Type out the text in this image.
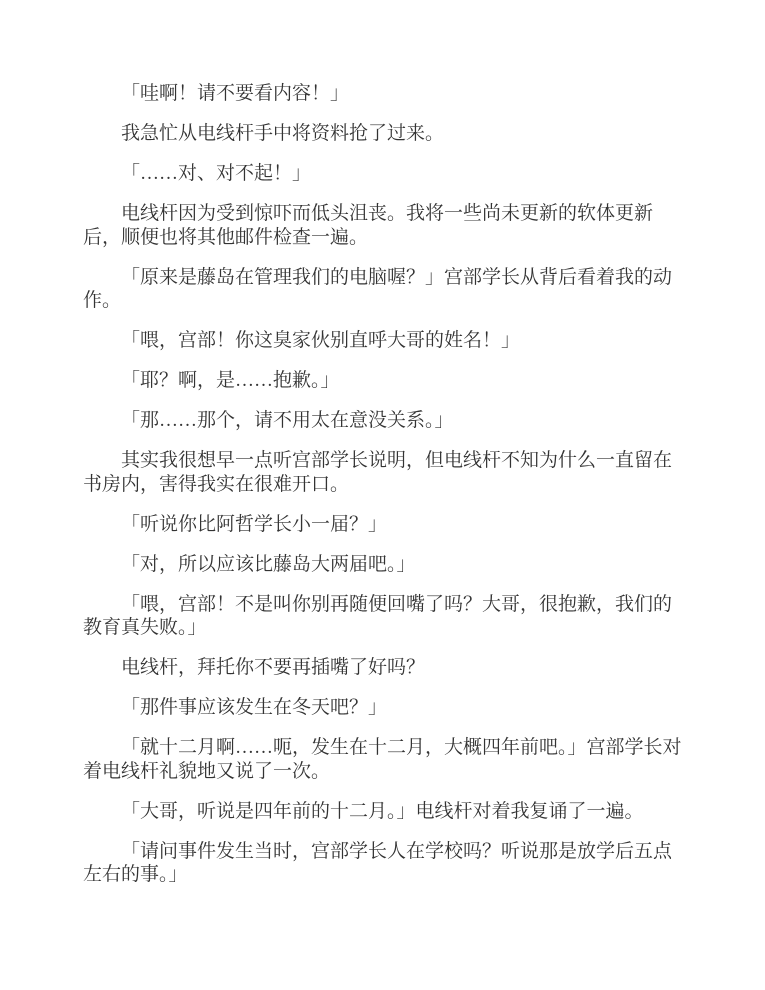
「哇啊！请不要看内容！」

我急忙从电线杆手中将资料抢了过来。

「……对、对不起！」

电线杆因为受到惊吓而低头沮丧。我将一些尚未更新的软体更新后，顺便也将其他邮件检查一遍。

「原来是藤岛在管理我们的电脑喔？」宫部学长从背后看着我的动作。

「喂，宫部！你这臭家伙别直呼大哥的姓名！」

「耶？啊，是……抱歉。」

「那……那个，请不用太在意没关系。」

其实我很想早一点听宫部学长说明，但电线杆不知为什么一直留在书房内，害得我实在很难开口。

「听说你比阿哲学长小一届？」

「对，所以应该比藤岛大两届吧。」

「喂，宫部！不是叫你别再随便回嘴了吗？大哥，很抱歉，我们的教育真失败。」

电线杆，拜托你不要再插嘴了好吗？

「那件事应该发生在冬天吧？」

「就十二月啊……呃，发生在十二月，大概四年前吧。」宫部学长对着电线杆礼貌地又说了一次。

「大哥，听说是四年前的十二月。」电线杆对着我复诵了一遍。

「请问事件发生当时，宫部学长人在学校吗？听说那是放学后五点左右的事。」
